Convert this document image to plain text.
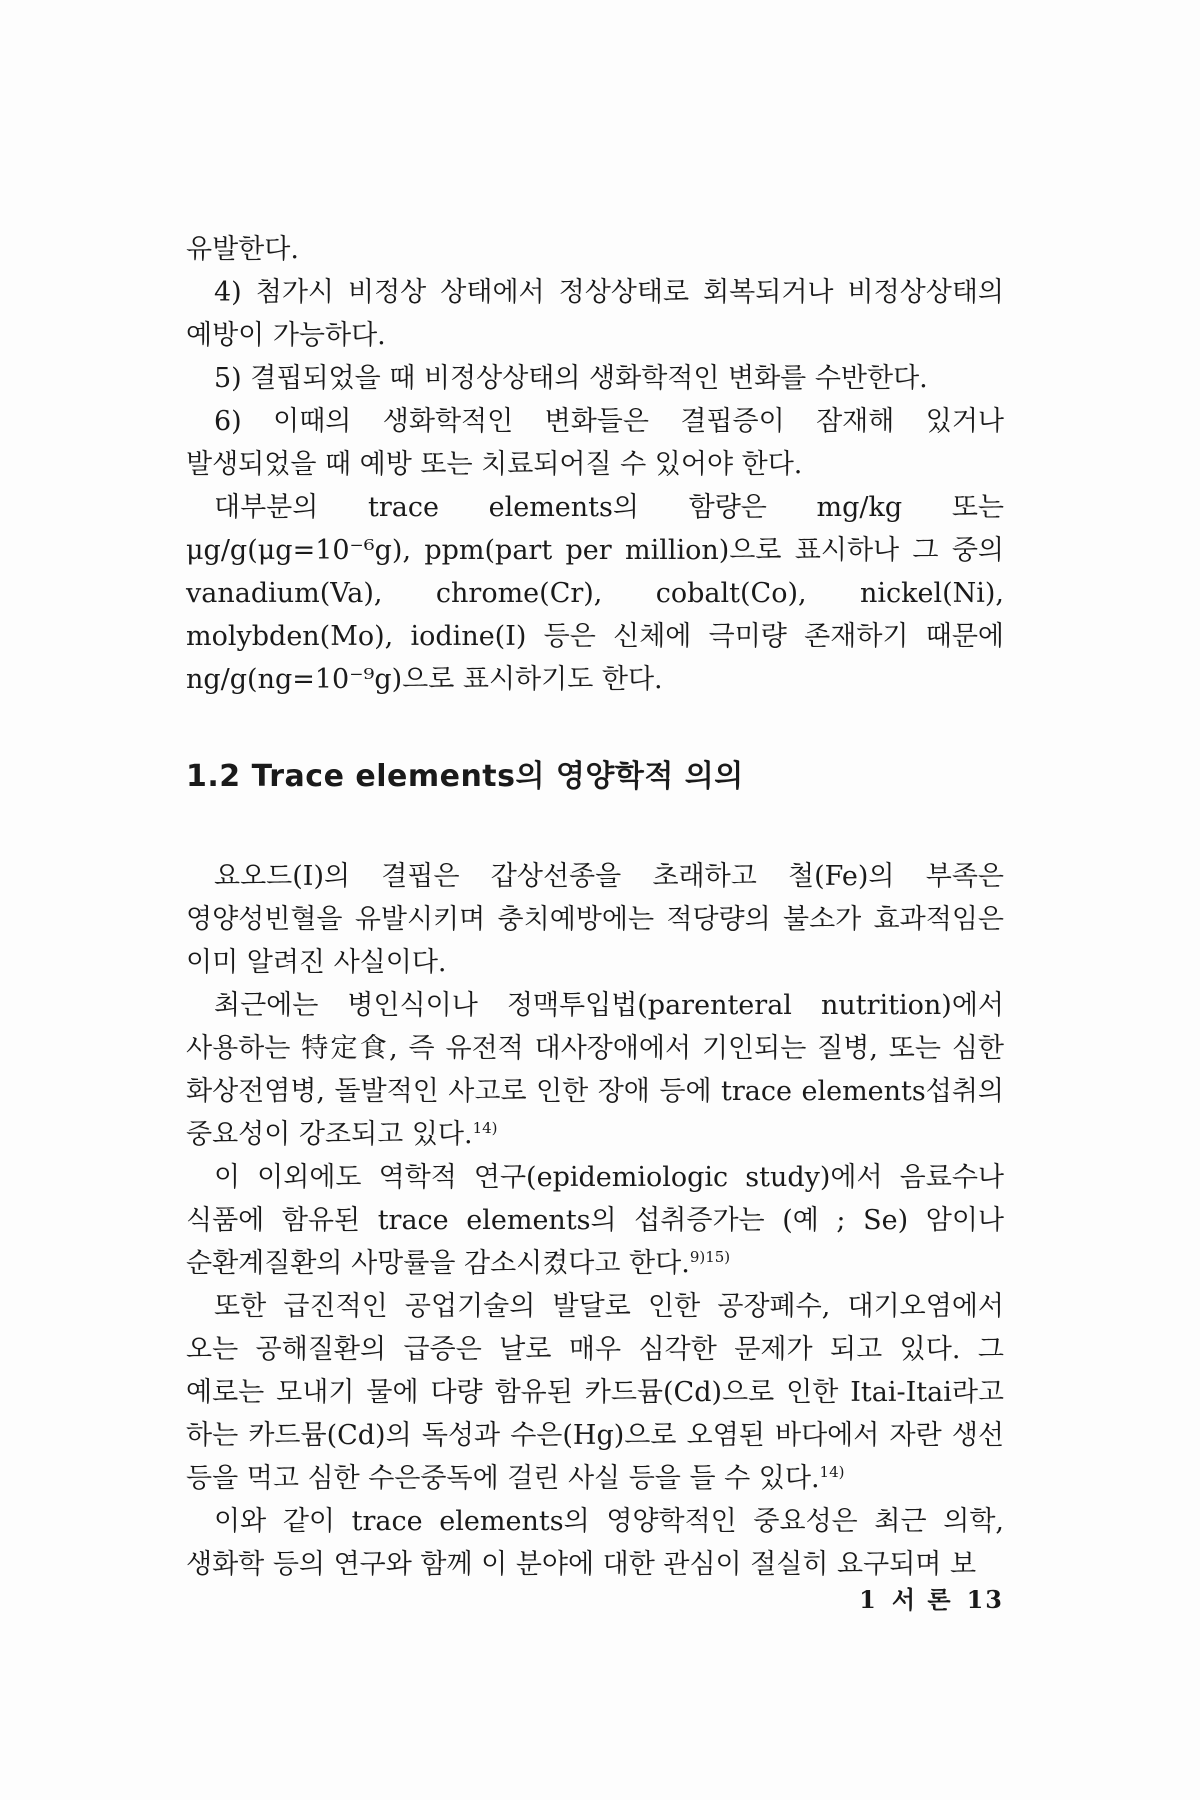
유발한다.

4) 첨가시 비정상 상태에서 정상상태로 회복되거나 비정상상태의 예방이 가능하다.

5) 결핍되었을 때 비정상상태의 생화학적인 변화를 수반한다.

6) 이때의 생화학적인 변화들은 결핍증이 잠재해 있거나 발생되었을 때 예방 또는 치료되어질 수 있어야 한다.

대부분의 trace elements의 함량은 mg/kg 또는 μg/g(μg=10⁻⁶g), ppm(part per million)으로 표시하나 그 중의 vanadium(Va), chrome(Cr), cobalt(Co), nickel(Ni), molybden(Mo), iodine(I) 등은 신체에 극미량 존재하기 때문에 ng/g(ng=10⁻⁹g)으로 표시하기도 한다.

1.2 Trace elements의 영양학적 의의

요오드(I)의 결핍은 갑상선종을 초래하고 철(Fe)의 부족은 영양성빈혈을 유발시키며 충치예방에는 적당량의 불소가 효과적임은 이미 알려진 사실이다.

최근에는 병인식이나 정맥투입법(parenteral nutrition)에서 사용하는 特定食, 즉 유전적 대사장애에서 기인되는 질병, 또는 심한 화상전염병, 돌발적인 사고로 인한 장애 등에 trace elements섭취의 중요성이 강조되고 있다.$^{14)}$

이 이외에도 역학적 연구(epidemiologic study)에서 음료수나 식품에 함유된 trace elements의 섭취증가는 (예 ; Se) 암이나 순환계질환의 사망률을 감소시켰다고 한다.$^{9)15)}$

또한 급진적인 공업기술의 발달로 인한 공장폐수, 대기오염에서 오는 공해질환의 급증은 날로 매우 심각한 문제가 되고 있다. 그 예로는 모내기 물에 다량 함유된 카드뮴(Cd)으로 인한 Itai-Itai라고 하는 카드뮴(Cd)의 독성과 수은(Hg)으로 오염된 바다에서 자란 생선 등을 먹고 심한 수은중독에 걸린 사실 등을 들 수 있다.$^{14)}$

이와 같이 trace elements의 영양학적인 중요성은 최근 의학, 생화학 등의 연구와 함께 이 분야에 대한 관심이 절실히 요구되며 보

1 서 론 13
